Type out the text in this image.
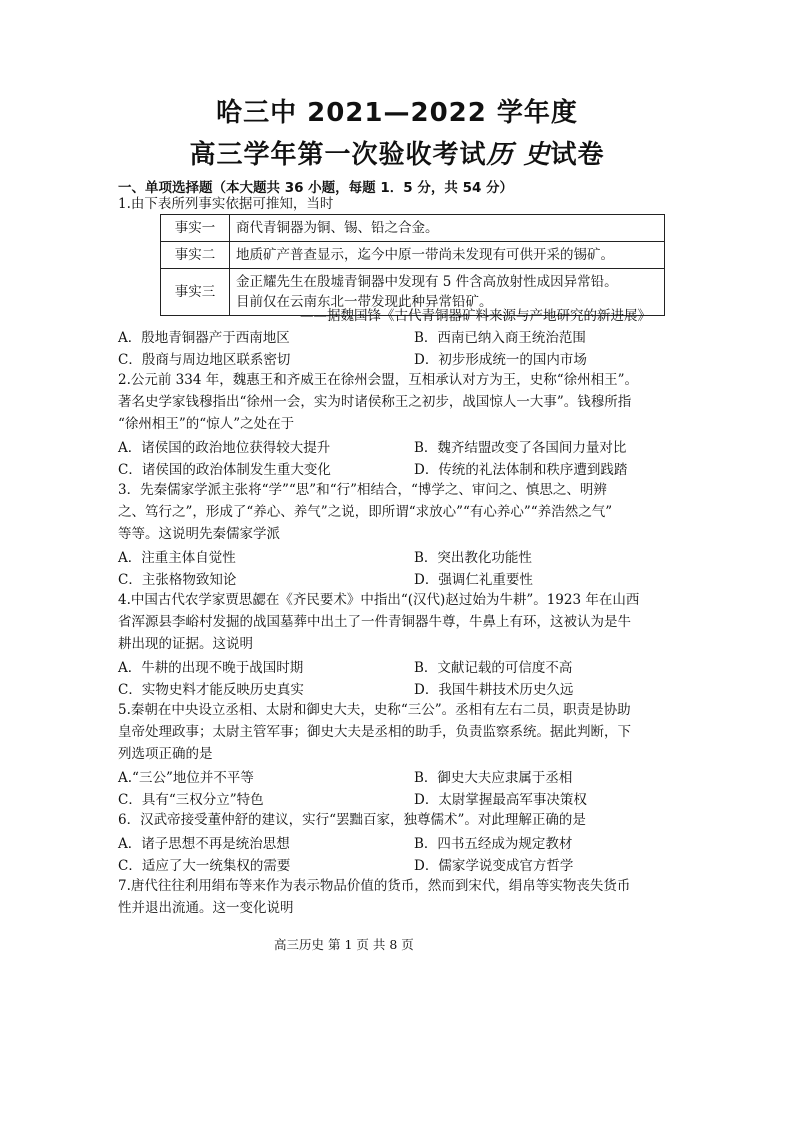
哈三中 2021—2022 学年度
高三学年第一次验收考试历 史试卷
一、单项选择题（本大题共 36 小题，每题 1．5 分，共 54 分）
1.由下表所列事实依据可推知，当时
事实一	商代青铜器为铜、锡、铅之合金。
事实二	地质矿产普查显示，迄今中原一带尚未发现有可供开采的锡矿。
事实三	金正耀先生在殷墟青铜器中发现有 5 件含高放射性成因异常铅。
目前仅在云南东北一带发现此种异常铅矿。
——据魏国锋《古代青铜器矿料来源与产地研究的新进展》
A．殷地青铜器产于西南地区	B．西南已纳入商王统治范围
C．殷商与周边地区联系密切	D．初步形成统一的国内市场
2.公元前 334 年，魏惠王和齐威王在徐州会盟，互相承认对方为王，史称“徐州相王”。
著名史学家钱穆指出“徐州一会，实为时诸侯称王之初步，战国惊人一大事”。钱穆所指
“徐州相王”的“惊人”之处在于
A．诸侯国的政治地位获得较大提升	B．魏齐结盟改变了各国间力量对比
C．诸侯国的政治体制发生重大变化	D．传统的礼法体制和秩序遭到践踏
3．先秦儒家学派主张将“学”“思”和“行”相结合，“博学之、审问之、慎思之、明辨
之、笃行之”，形成了“养心、养气”之说，即所谓“求放心”“有心养心”“养浩然之气”
等等。这说明先秦儒家学派
A．注重主体自觉性	B．突出教化功能性
C．主张格物致知论	D．强调仁礼重要性
4.中国古代农学家贾思勰在《齐民要术》中指出“(汉代)赵过始为牛耕”。1923 年在山西
省浑源县李峪村发掘的战国墓葬中出土了一件青铜器牛尊，牛鼻上有环，这被认为是牛
耕出现的证据。这说明
A．牛耕的出现不晚于战国时期	B．文献记载的可信度不高
C．实物史料才能反映历史真实	D．我国牛耕技术历史久远
5.秦朝在中央设立丞相、太尉和御史大夫，史称“三公”。丞相有左右二员，职责是协助
皇帝处理政事；太尉主管军事；御史大夫是丞相的助手，负责监察系统。据此判断，下
列选项正确的是
A.“三公”地位并不平等	B．御史大夫应隶属于丞相
C．具有“三权分立”特色	D．太尉掌握最高军事决策权
6．汉武帝接受董仲舒的建议，实行“罢黜百家，独尊儒术”。对此理解正确的是
A．诸子思想不再是统治思想	B．四书五经成为规定教材
C．适应了大一统集权的需要	D．儒家学说变成官方哲学
7.唐代往往利用绢布等来作为表示物品价值的货币，然而到宋代，绢帛等实物丧失货币
性并退出流通。这一变化说明
高三历史 第 1 页 共 8 页
